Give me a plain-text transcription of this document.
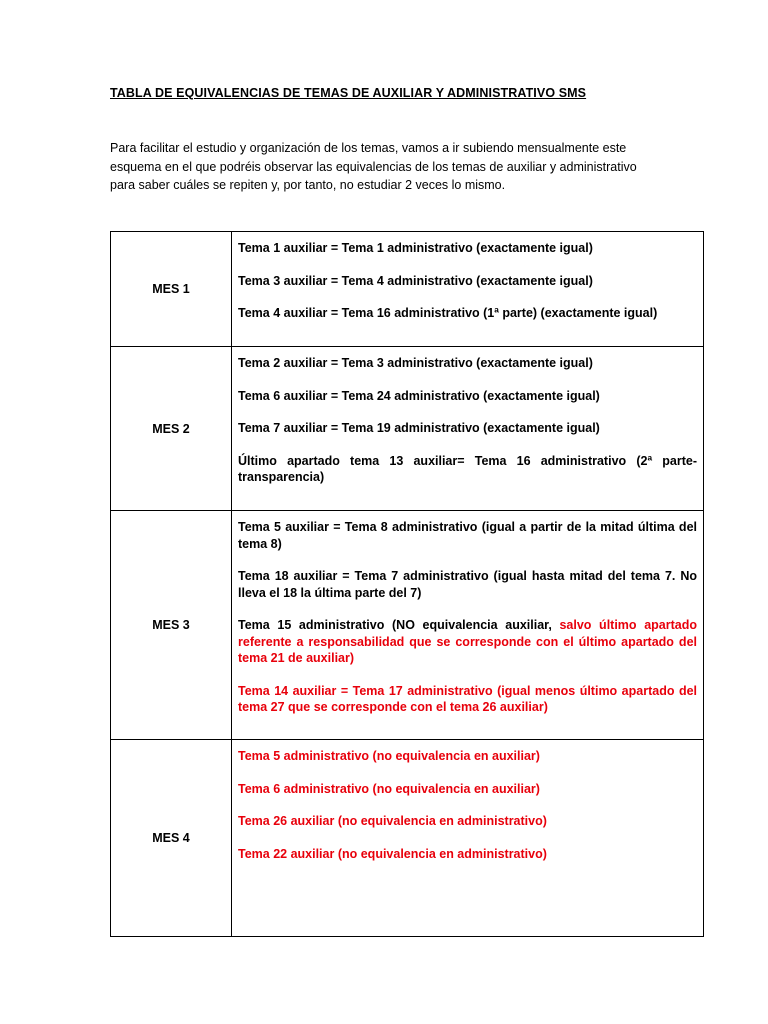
TABLA DE EQUIVALENCIAS DE TEMAS DE AUXILIAR Y ADMINISTRATIVO SMS
Para facilitar el estudio y organización de los temas, vamos a ir subiendo mensualmente este
esquema en el que podréis observar las equivalencias de los temas de auxiliar y administrativo
para saber cuáles se repiten y, por tanto, no estudiar 2 veces lo mismo.
MES 1	Tema 1 auxiliar = Tema 1 administrativo (exactamente igual)
Tema 3 auxiliar = Tema 4 administrativo (exactamente igual)
Tema 4 auxiliar = Tema 16 administrativo (1ª parte) (exactamente igual)

MES 2	Tema 2 auxiliar = Tema 3 administrativo (exactamente igual)
Tema 6 auxiliar = Tema 24 administrativo (exactamente igual)
Tema 7 auxiliar = Tema 19 administrativo (exactamente igual)
Último apartado tema 13 auxiliar= Tema 16 administrativo (2ª parte-transparencia)

MES 3	Tema 5 auxiliar = Tema 8 administrativo (igual a partir de la mitad última del tema 8)
Tema 18 auxiliar = Tema 7 administrativo (igual hasta mitad del tema 7. No lleva el 18 la última parte del 7)
Tema 15 administrativo (NO equivalencia auxiliar, salvo último apartado referente a responsabilidad que se corresponde con el último apartado del tema 21 de auxiliar)
Tema 14 auxiliar = Tema 17 administrativo (igual menos último apartado del tema 27 que se corresponde con el tema 26 auxiliar)

MES 4	Tema 5 administrativo (no equivalencia en auxiliar)
Tema 6 administrativo (no equivalencia en auxiliar)
Tema 26 auxiliar (no equivalencia en administrativo)
Tema 22 auxiliar (no equivalencia en administrativo)
